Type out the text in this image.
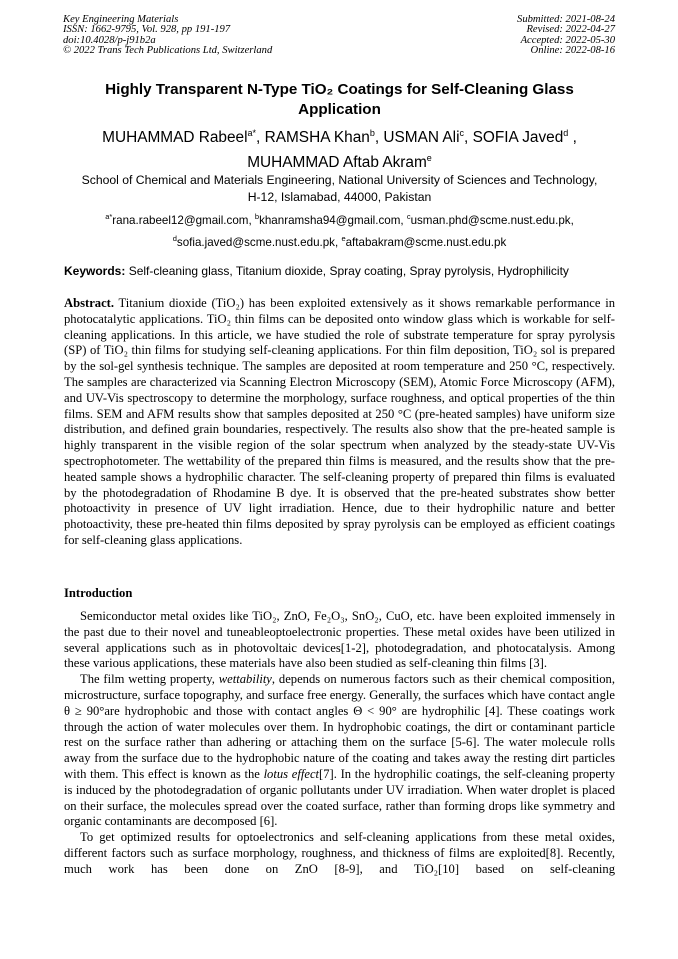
Key Engineering Materials
ISSN: 1662-9795, Vol. 928, pp 191-197
doi:10.4028/p-j91b2a
© 2022 Trans Tech Publications Ltd, Switzerland
Submitted: 2021-08-24
Revised: 2022-04-27
Accepted: 2022-05-30
Online: 2022-08-16
Highly Transparent N-Type TiO₂ Coatings for Self-Cleaning Glass Application
MUHAMMAD Rabeel$^{a*}$, RAMSHA Khan$^b$, USMAN Ali$^c$, SOFIA Javed$^d$ ,
MUHAMMAD Aftab Akram$^e$
School of Chemical and Materials Engineering, National University of Sciences and Technology,
H-12, Islamabad, 44000, Pakistan
$^{a*}$rana.rabeel12@gmail.com, $^b$khanramsha94@gmail.com, $^c$usman.phd@scme.nust.edu.pk,
$^d$sofia.javed@scme.nust.edu.pk, $^e$aftabakram@scme.nust.edu.pk
Keywords: Self-cleaning glass, Titanium dioxide, Spray coating, Spray pyrolysis, Hydrophilicity
Abstract. Titanium dioxide (TiO₂) has been exploited extensively as it shows remarkable performance in photocatalytic applications. TiO₂ thin films can be deposited onto window glass which is workable for self-cleaning applications. In this article, we have studied the role of substrate temperature for spray pyrolysis (SP) of TiO₂ thin films for studying self-cleaning applications. For thin film deposition, TiO₂ sol is prepared by the sol-gel synthesis technique. The samples are deposited at room temperature and 250 °C, respectively. The samples are characterized via Scanning Electron Microscopy (SEM), Atomic Force Microscopy (AFM), and UV-Vis spectroscopy to determine the morphology, surface roughness, and optical properties of the thin films. SEM and AFM results show that samples deposited at 250 °C (pre-heated samples) have uniform size distribution, and defined grain boundaries, respectively. The results also show that the pre-heated sample is highly transparent in the visible region of the solar spectrum when analyzed by the steady-state UV-Vis spectrophotometer. The wettability of the prepared thin films is measured, and the results show that the pre-heated sample shows a hydrophilic character. The self-cleaning property of prepared thin films is evaluated by the photodegradation of Rhodamine B dye. It is observed that the pre-heated substrates show better photoactivity in presence of UV light irradiation. Hence, due to their hydrophilic nature and better photoactivity, these pre-heated thin films deposited by spray pyrolysis can be employed as efficient coatings for self-cleaning glass applications.
Introduction

Semiconductor metal oxides like TiO₂, ZnO, Fe₂O₃, SnO₂, CuO, etc. have been exploited immensely in the past due to their novel and tuneableoptoelectronic properties. These metal oxides have been utilized in several applications such as in photovoltaic devices[1-2], photodegradation, and photocatalysis. Among these various applications, these materials have also been studied as self-cleaning thin films [3].

The film wetting property, wettability, depends on numerous factors such as their chemical composition, microstructure, surface topography, and surface free energy. Generally, the surfaces which have contact angle θ ≥ 90°are hydrophobic and those with contact angles Θ < 90° are hydrophilic [4]. These coatings work through the action of water molecules over them. In hydrophobic coatings, the dirt or contaminant particle rest on the surface rather than adhering or attaching them on the surface [5-6]. The water molecule rolls away from the surface due to the hydrophobic nature of the coating and takes away the resting dirt particles with them. This effect is known as the lotus effect[7]. In the hydrophilic coatings, the self-cleaning property is induced by the photodegradation of organic pollutants under UV irradiation. When water droplet is placed on their surface, the molecules spread over the coated surface, rather than forming drops like symmetry and organic contaminants are decomposed [6].

To get optimized results for optoelectronics and self-cleaning applications from these metal oxides, different factors such as surface morphology, roughness, and thickness of films are exploited[8]. Recently, much work has been done on ZnO [8-9], and TiO₂[10] based on self-cleaning
